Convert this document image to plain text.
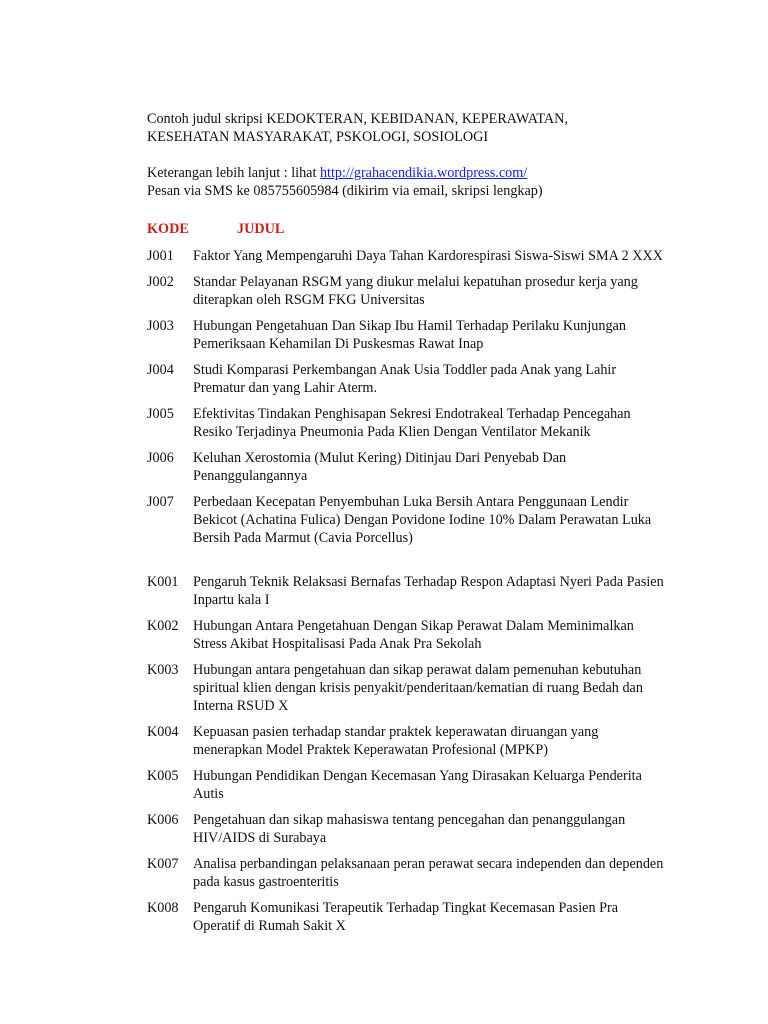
Contoh judul skripsi KEDOKTERAN, KEBIDANAN, KEPERAWATAN,

KESEHATAN MASYARAKAT, PSKOLOGI, SOSIOLOGI

Keterangan lebih lanjut : lihat http://grahacendikia.wordpress.com/

Pesan via SMS ke 085755605984 (dikirim via email, skripsi lengkap)

KODE	JUDUL
J001	Faktor Yang Mempengaruhi Daya Tahan Kardorespirasi Siswa-Siswi SMA 2 XXX
J002	Standar Pelayanan RSGM yang diukur melalui kepatuhan prosedur kerja yang diterapkan oleh RSGM FKG Universitas
J003	Hubungan Pengetahuan Dan Sikap Ibu Hamil Terhadap Perilaku Kunjungan Pemeriksaan Kehamilan Di Puskesmas Rawat Inap
J004	Studi Komparasi Perkembangan Anak Usia Toddler pada Anak yang Lahir Prematur dan yang Lahir Aterm.
J005	Efektivitas Tindakan Penghisapan Sekresi Endotrakeal Terhadap Pencegahan Resiko Terjadinya Pneumonia Pada Klien Dengan Ventilator Mekanik
J006	Keluhan Xerostomia (Mulut Kering) Ditinjau Dari Penyebab Dan Penanggulangannya
J007	Perbedaan Kecepatan Penyembuhan Luka Bersih Antara Penggunaan Lendir Bekicot (Achatina Fulica) Dengan Povidone Iodine 10% Dalam Perawatan Luka Bersih Pada Marmut (Cavia Porcellus)
K001	Pengaruh Teknik Relaksasi Bernafas Terhadap Respon Adaptasi Nyeri Pada Pasien Inpartu kala I
K002	Hubungan Antara Pengetahuan Dengan Sikap Perawat Dalam Meminimalkan Stress Akibat Hospitalisasi Pada Anak Pra Sekolah
K003	Hubungan antara pengetahuan dan sikap perawat dalam pemenuhan kebutuhan spiritual klien dengan krisis penyakit/penderitaan/kematian di ruang Bedah dan Interna RSUD X
K004	Kepuasan pasien terhadap standar praktek keperawatan diruangan yang menerapkan Model Praktek Keperawatan Profesional (MPKP)
K005	Hubungan Pendidikan Dengan Kecemasan Yang Dirasakan Keluarga Penderita Autis
K006	Pengetahuan dan sikap mahasiswa tentang pencegahan dan penanggulangan HIV/AIDS di Surabaya
K007	Analisa perbandingan pelaksanaan peran perawat secara independen dan dependen pada kasus gastroenteritis
K008	Pengaruh Komunikasi Terapeutik Terhadap Tingkat Kecemasan Pasien Pra Operatif di Rumah Sakit X
